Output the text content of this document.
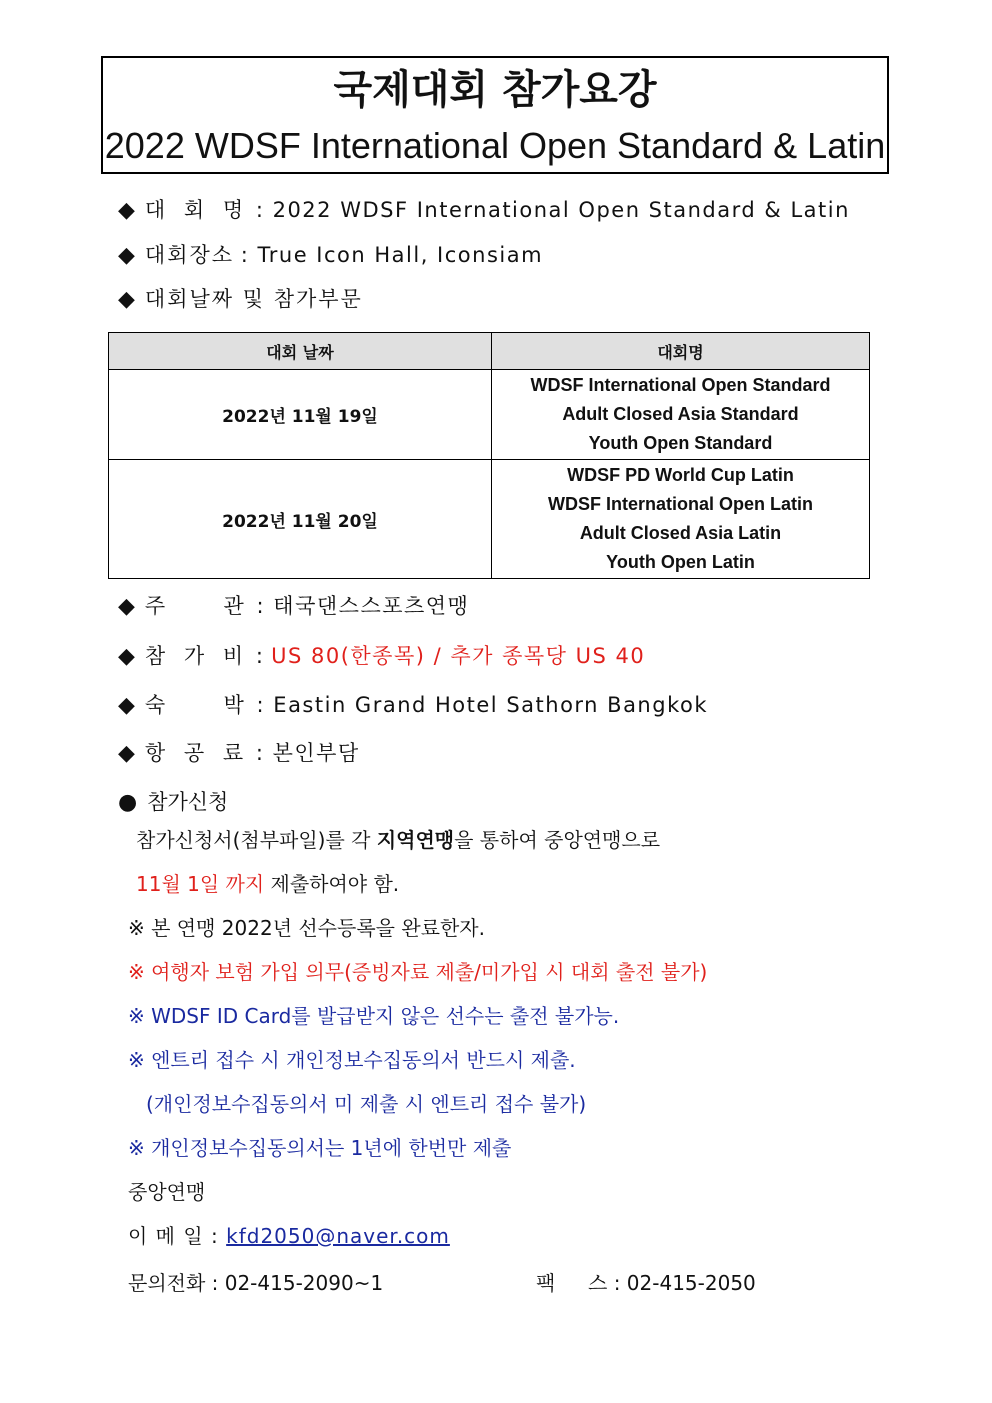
국제대회 참가요강
2022 WDSF International Open Standard & Latin
◆ 대 회 명 : 2022 WDSF International Open Standard & Latin
◆ 대회장소 : True Icon Hall, Iconsiam
◆ 대회날짜 및 참가부문
대회 날짜	대회명
2022년 11월 19일	WDSF International Open Standard
Adult Closed Asia Standard
Youth Open Standard

2022년 11월 20일	WDSF PD World Cup Latin
WDSF International Open Latin
Adult Closed Asia Latin
Youth Open Latin
◆ 주 　 관 : 태국댄스스포츠연맹
◆ 참 가 비 : US 80(한종목) / 추가 종목당 US 40
◆ 숙 　 박 : Eastin Grand Hotel Sathorn Bangkok
◆ 항 공 료 : 본인부담
● 참가신청
참가신청서(첨부파일)를 각 지역연맹을 통하여 중앙연맹으로
11월 1일 까지 제출하여야 함.
※ 본 연맹 2022년 선수등록을 완료한자.
※ 여행자 보험 가입 의무(증빙자료 제출/미가입 시 대회 출전 불가)
※ WDSF ID Card를 발급받지 않은 선수는 출전 불가능.
※ 엔트리 접수 시 개인정보수집동의서 반드시 제출.
(개인정보수집동의서 미 제출 시 엔트리 접수 불가)
※ 개인정보수집동의서는 1년에 한번만 제출
중앙연맹
이 메 일 : kfd2050@naver.com
문의전화 : 02-415-2090~1	팩 　 스 : 02-415-2050
